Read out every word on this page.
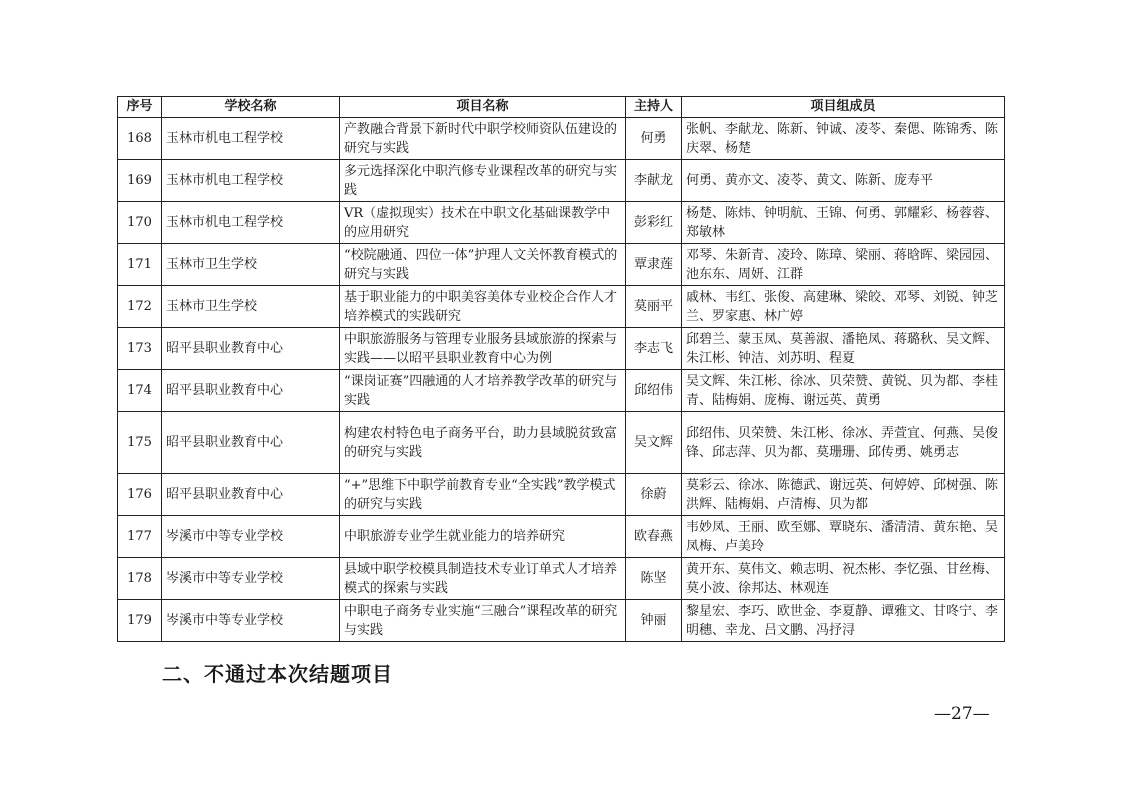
序号	学校名称	项目名称	主持人	项目组成员
168	玉林市机电工程学校	产教融合背景下新时代中职学校师资队伍建设的研究与实践	何勇	张帆、李献龙、陈新、钟诚、凌苓、秦偲、陈锦秀、陈庆翠、杨楚
169	玉林市机电工程学校	多元选择深化中职汽修专业课程改革的研究与实践	李献龙	何勇、黄亦文、凌苓、黄文、陈新、庞寿平
170	玉林市机电工程学校	VR（虚拟现实）技术在中职文化基础课教学中的应用研究	彭彩红	杨楚、陈炜、钟明航、王锦、何勇、郭耀彩、杨蓉蓉、郑敏林
171	玉林市卫生学校	“校院融通、四位一体”护理人文关怀教育模式的研究与实践	覃隶莲	邓琴、朱新青、凌玲、陈璋、梁丽、蒋晗晖、梁园园、池东东、周妍、江群
172	玉林市卫生学校	基于职业能力的中职美容美体专业校企合作人才培养模式的实践研究	莫丽平	戚林、韦红、张俊、高建琳、梁皎、邓琴、刘锐、钟芝兰、罗家惠、林广婷
173	昭平县职业教育中心	中职旅游服务与管理专业服务县域旅游的探索与实践——以昭平县职业教育中心为例	李志飞	邱碧兰、蒙玉凤、莫善淑、潘艳凤、蒋璐秋、吴文辉、朱江彬、钟洁、刘苏明、程夏
174	昭平县职业教育中心	“课岗证赛”四融通的人才培养教学改革的研究与实践	邱绍伟	吴文辉、朱江彬、徐冰、贝荣赞、黄锐、贝为都、李桂青、陆梅娟、庞梅、谢远英、黄勇
175	昭平县职业教育中心	构建农村特色电子商务平台，助力县域脱贫致富的研究与实践	吴文辉	邱绍伟、贝荣赞、朱江彬、徐冰、弄萱宜、何燕、吴俊锋、邱志萍、贝为都、莫珊珊、邱传勇、姚勇志
176	昭平县职业教育中心	“+”思维下中职学前教育专业“全实践”教学模式的研究与实践	徐蔚	莫彩云、徐冰、陈德武、谢远英、何婷婷、邱树强、陈洪辉、陆梅娟、卢清梅、贝为都
177	岑溪市中等专业学校	中职旅游专业学生就业能力的培养研究	欧春燕	韦妙凤、王丽、欧至娜、覃晓东、潘清清、黄东艳、吴凤梅、卢美玲
178	岑溪市中等专业学校	县域中职学校模具制造技术专业订单式人才培养模式的探索与实践	陈坚	黄开东、莫伟文、赖志明、祝杰彬、李忆强、甘丝梅、莫小波、徐邦达、林观连
179	岑溪市中等专业学校	中职电子商务专业实施“三融合”课程改革的研究与实践	钟丽	黎星宏、李巧、欧世金、李夏静、谭雅文、甘咚宁、李明穗、幸龙、吕文鹏、冯抒浔
二、不通过本次结题项目
—27—
